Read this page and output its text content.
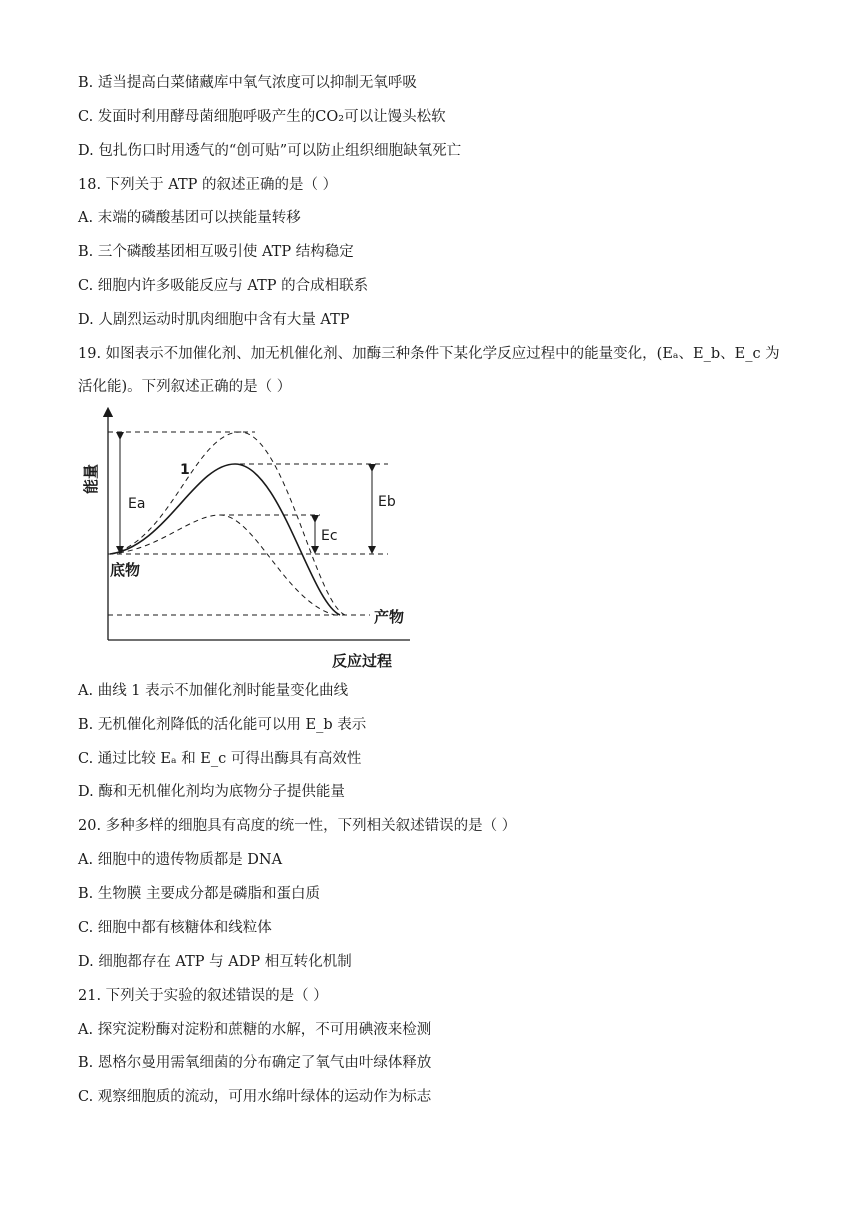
B. 适当提高白菜储藏库中氧气浓度可以抑制无氧呼吸
C. 发面时利用酵母菌细胞呼吸产生的CO₂可以让馒头松软
D. 包扎伤口时用透气的“创可贴”可以防止组织细胞缺氧死亡
18. 下列关于 ATP 的叙述正确的是（ ）
A. 末端的磷酸基团可以挟能量转移
B. 三个磷酸基团相互吸引使 ATP 结构稳定
C. 细胞内许多吸能反应与 ATP 的合成相联系
D. 人剧烈运动时肌肉细胞中含有大量 ATP
19. 如图表示不加催化剂、加无机催化剂、加酶三种条件下某化学反应过程中的能量变化，(Eₐ、E_b、E_c 为
活化能)。下列叙述正确的是（ ）
能量
反应过程
Ea	Eb
Ec
1
底物
产物
A. 曲线 1 表示不加催化剂时能量变化曲线
B. 无机催化剂降低的活化能可以用 E_b 表示
C. 通过比较 Eₐ 和 E_c 可得出酶具有高效性
D. 酶和无机催化剂均为底物分子提供能量
20. 多种多样的细胞具有高度的统一性，下列相关叙述错误的是（ ）
A. 细胞中的遗传物质都是 DNA
B. 生物膜 主要成分都是磷脂和蛋白质
C. 细胞中都有核糖体和线粒体
D. 细胞都存在 ATP 与 ADP 相互转化机制
21. 下列关于实验的叙述错误的是（ ）
A. 探究淀粉酶对淀粉和蔗糖的水解，不可用碘液来检测
B. 恩格尔曼用需氧细菌的分布确定了氧气由叶绿体释放
C. 观察细胞质的流动，可用水绵叶绿体的运动作为标志
